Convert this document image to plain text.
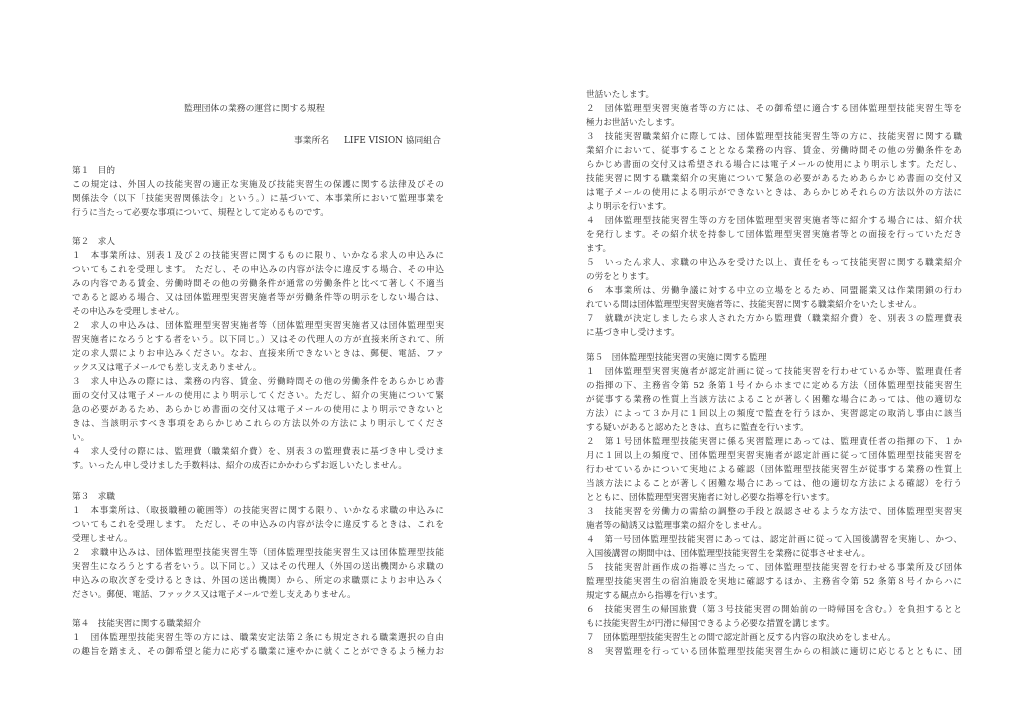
監理団体の業務の運営に関する規程
事業所名 LIFE VISION 協同組合
第１　目的
この規定は、外国人の技能実習の適正な実施及び技能実習生の保護に関する法律及びその
関係法令（以下「技能実習関係法令」という。）に基づいて、本事業所において監理事業を
行うに当たって必要な事項について、規程として定めるものです。
第２　求人
１　本事業所は、別表１及び２の技能実習に関するものに限り、いかなる求人の申込みに
ついてもこれを受理します。 ただし、その申込みの内容が法令に違反する場合、その申込
みの内容である賃金、労働時間その他の労働条件が通常の労働条件と比べて著しく不適当
であると認める場合、又は団体監理型実習実施者等が労働条件等の明示をしない場合は、
その申込みを受理しません。
２　求人の申込みは、団体監理型実習実施者等（団体監理型実習実施者又は団体監理型実
習実施者になろうとする者をいう。以下同じ。）又はその代理人の方が直接来所されて、所
定の求人票によりお申込みください。なお、直接来所できないときは、郵便、電話、ファ
ックス又は電子メールでも差し支えありません。
３　求人申込みの際には、業務の内容、賃金、労働時間その他の労働条件をあらかじめ書
面の交付又は電子メールの使用により明示してください。ただし、紹介の実施について緊
急の必要があるため、あらかじめ書面の交付又は電子メールの使用により明示できないと
きは、当該明示すべき事項をあらかじめこれらの方法以外の方法により明示してくださ
い。
４　求人受付の際には、監理費（職業紹介費）を、別表３の監理費表に基づき申し受けま
す。いったん申し受けました手数料は、紹介の成否にかかわらずお返しいたしません。
第３　求職
１　本事業所は、（取扱職種の範囲等）の技能実習に関する限り、いかなる求職の申込みに
ついてもこれを受理します。 ただし、その申込みの内容が法令に違反するときは、これを
受理しません。
２　求職申込みは、団体監理型技能実習生等（団体監理型技能実習生又は団体監理型技能
実習生になろうとする者をいう。以下同じ。）又はその代理人（外国の送出機関から求職の
申込みの取次ぎを受けるときは、外国の送出機関）から、所定の求職票によりお申込みく
ださい。郵便、電話、ファックス又は電子メールで差し支えありません。
第４　技能実習に関する職業紹介
１　団体監理型技能実習生等の方には、職業安定法第２条にも規定される職業選択の自由
の趣旨を踏まえ、その御希望と能力に応ずる職業に速やかに就くことができるよう極力お
世話いたします。
２　団体監理型実習実施者等の方には、その御希望に適合する団体監理型技能実習生等を
極力お世話いたします。
３　技能実習職業紹介に際しては、団体監理型技能実習生等の方に、技能実習に関する職
業紹介において、従事することとなる業務の内容、賃金、労働時間その他の労働条件をあ
らかじめ書面の交付又は希望される場合には電子メールの使用により明示します。ただし、
技能実習に関する職業紹介の実施について緊急の必要があるためあらかじめ書面の交付又
は電子メールの使用による明示ができないときは、あらかじめそれらの方法以外の方法に
より明示を行います。
４　団体監理型技能実習生等の方を団体監理型実習実施者等に紹介する場合には、紹介状
を発行します。その紹介状を持参して団体監理型実習実施者等との面接を行っていただき
ます。
５　いったん求人、求職の申込みを受けた以上、責任をもって技能実習に関する職業紹介
の労をとります。
６　本事業所は、労働争議に対する中立の立場をとるため、同盟罷業又は作業閉鎖の行わ
れている間は団体監理型実習実施者等に、技能実習に関する職業紹介をいたしません。
７　就職が決定しましたら求人された方から監理費（職業紹介費）を、別表３の監理費表
に基づき申し受けます。
第５　団体監理型技能実習の実施に関する監理
１　団体監理型実習実施者が認定計画に従って技能実習を行わせているか等、監理責任者
の指揮の下、主務省令第 52 条第１号イからホまでに定める方法（団体監理型技能実習生
が従事する業務の性質上当該方法によることが著しく困難な場合にあっては、他の適切な
方法）によって３か月に１回以上の頻度で監査を行うほか、実習認定の取消し事由に該当
する疑いがあると認めたときは、直ちに監査を行います。
２　第１号団体監理型技能実習に係る実習監理にあっては、監理責任者の指揮の下、１か
月に１回以上の頻度で、団体監理型実習実施者が認定計画に従って団体監理型技能実習を
行わせているかについて実地による確認（団体監理型技能実習生が従事する業務の性質上
当該方法によることが著しく困難な場合にあっては、他の適切な方法による確認）を行う
とともに、団体監理型実習実施者に対し必要な指導を行います。
３　技能実習を労働力の需給の調整の手段と誤認させるような方法で、団体監理型実習実
施者等の勧誘又は監理事業の紹介をしません。
４　第一号団体監理型技能実習にあっては、認定計画に従って入国後講習を実施し、かつ、
入国後講習の期間中は、団体監理型技能実習生を業務に従事させません。
５　技能実習計画作成の指導に当たって、団体監理型技能実習を行わせる事業所及び団体
監理型技能実習生の宿泊施設を実地に確認するほか、主務省令第 52 条第８号イからハに
規定する観点から指導を行います。
６　技能実習生の帰国旅費（第３号技能実習の開始前の一時帰国を含む。）を負担するとと
もに技能実習生が円滑に帰国できるよう必要な措置を講じます。
７　団体監理型技能実習生との間で認定計画と反する内容の取決めをしません。
８　実習監理を行っている団体監理型技能実習生からの相談に適切に応じるとともに、団
